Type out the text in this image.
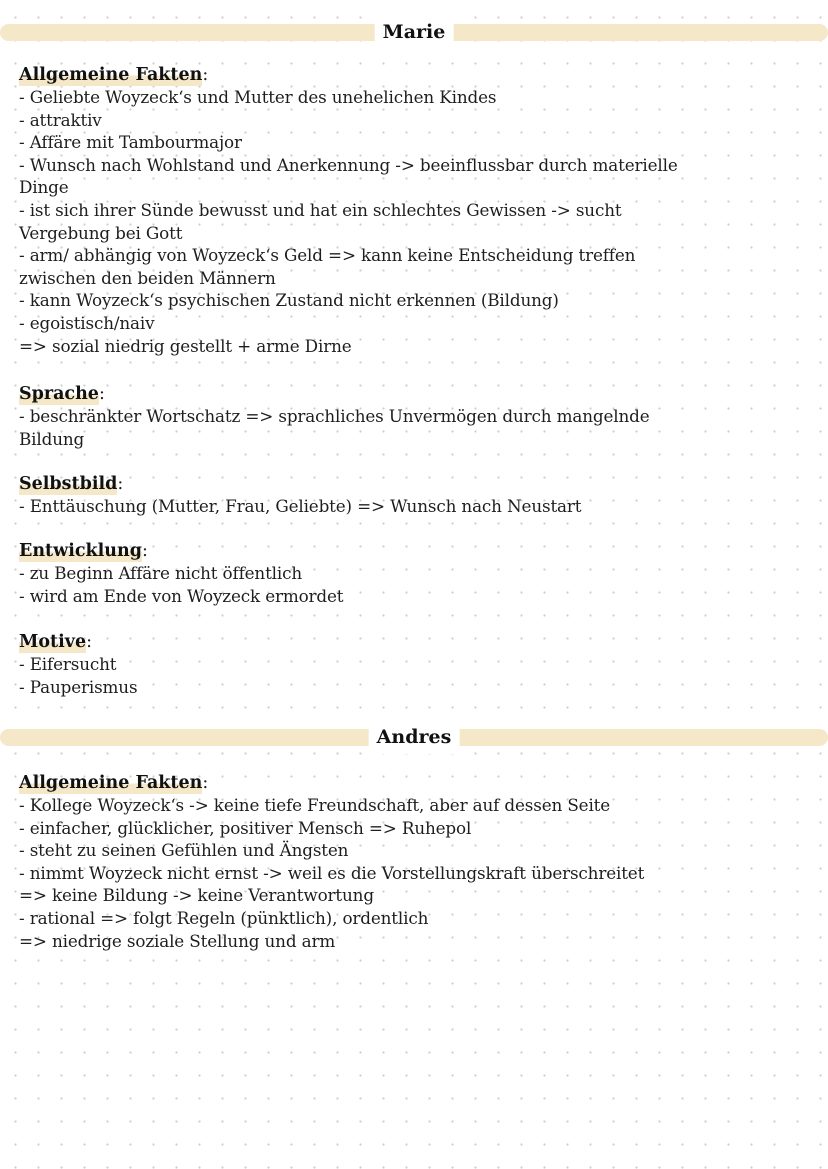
Marie
Allgemeine Fakten:
- Geliebte Woyzeck‘s und Mutter des unehelichen Kindes
- attraktiv
- Affäre mit Tambourmajor
- Wunsch nach Wohlstand und Anerkennung -> beeinflussbar durch materielle
Dinge
- ist sich ihrer Sünde bewusst und hat ein schlechtes Gewissen -> sucht
Vergebung bei Gott
- arm/ abhängig von Woyzeck‘s Geld => kann keine Entscheidung treffen
zwischen den beiden Männern
- kann Woyzeck‘s psychischen Zustand nicht erkennen (Bildung)
- egoistisch/naiv
=> sozial niedrig gestellt + arme Dirne
Sprache:
- beschränkter Wortschatz => sprachliches Unvermögen durch mangelnde
Bildung
Selbstbild:
- Enttäuschung (Mutter, Frau, Geliebte) => Wunsch nach Neustart
Entwicklung:
- zu Beginn Affäre nicht öffentlich
- wird am Ende von Woyzeck ermordet
Motive:
- Eifersucht
- Pauperismus
Andres
Allgemeine Fakten:
- Kollege Woyzeck‘s -> keine tiefe Freundschaft, aber auf dessen Seite
- einfacher, glücklicher, positiver Mensch => Ruhepol
- steht zu seinen Gefühlen und Ängsten
- nimmt Woyzeck nicht ernst -> weil es die Vorstellungskraft überschreitet
=> keine Bildung -> keine Verantwortung
- rational => folgt Regeln (pünktlich), ordentlich
=> niedrige soziale Stellung und arm
